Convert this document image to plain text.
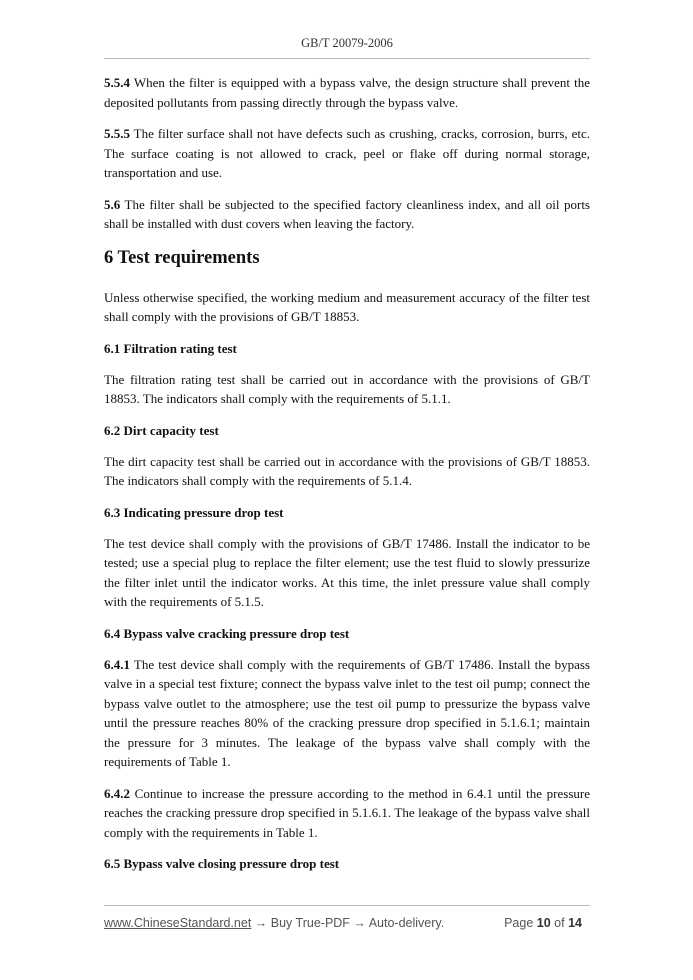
GB/T 20079-2006

5.5.4 When the filter is equipped with a bypass valve, the design structure shall prevent the deposited pollutants from passing directly through the bypass valve.

5.5.5 The filter surface shall not have defects such as crushing, cracks, corrosion, burrs, etc. The surface coating is not allowed to crack, peel or flake off during normal storage, transportation and use.

5.6 The filter shall be subjected to the specified factory cleanliness index, and all oil ports shall be installed with dust covers when leaving the factory.

6 Test requirements

Unless otherwise specified, the working medium and measurement accuracy of the filter test shall comply with the provisions of GB/T 18853.

6.1 Filtration rating test

The filtration rating test shall be carried out in accordance with the provisions of GB/T 18853. The indicators shall comply with the requirements of 5.1.1.

6.2 Dirt capacity test

The dirt capacity test shall be carried out in accordance with the provisions of GB/T 18853. The indicators shall comply with the requirements of 5.1.4.

6.3 Indicating pressure drop test

The test device shall comply with the provisions of GB/T 17486. Install the indicator to be tested; use a special plug to replace the filter element; use the test fluid to slowly pressurize the filter inlet until the indicator works. At this time, the inlet pressure value shall comply with the requirements of 5.1.5.

6.4 Bypass valve cracking pressure drop test

6.4.1 The test device shall comply with the requirements of GB/T 17486. Install the bypass valve in a special test fixture; connect the bypass valve inlet to the test oil pump; connect the bypass valve outlet to the atmosphere; use the test oil pump to pressurize the bypass valve until the pressure reaches 80% of the cracking pressure drop specified in 5.1.6.1; maintain the pressure for 3 minutes. The leakage of the bypass valve shall comply with the requirements of Table 1.

6.4.2 Continue to increase the pressure according to the method in 6.4.1 until the pressure reaches the cracking pressure drop specified in 5.1.6.1. The leakage of the bypass valve shall comply with the requirements in Table 1.

6.5 Bypass valve closing pressure drop test
www.ChineseStandard.net → Buy True-PDF → Auto-delivery.	Page 10 of 14
